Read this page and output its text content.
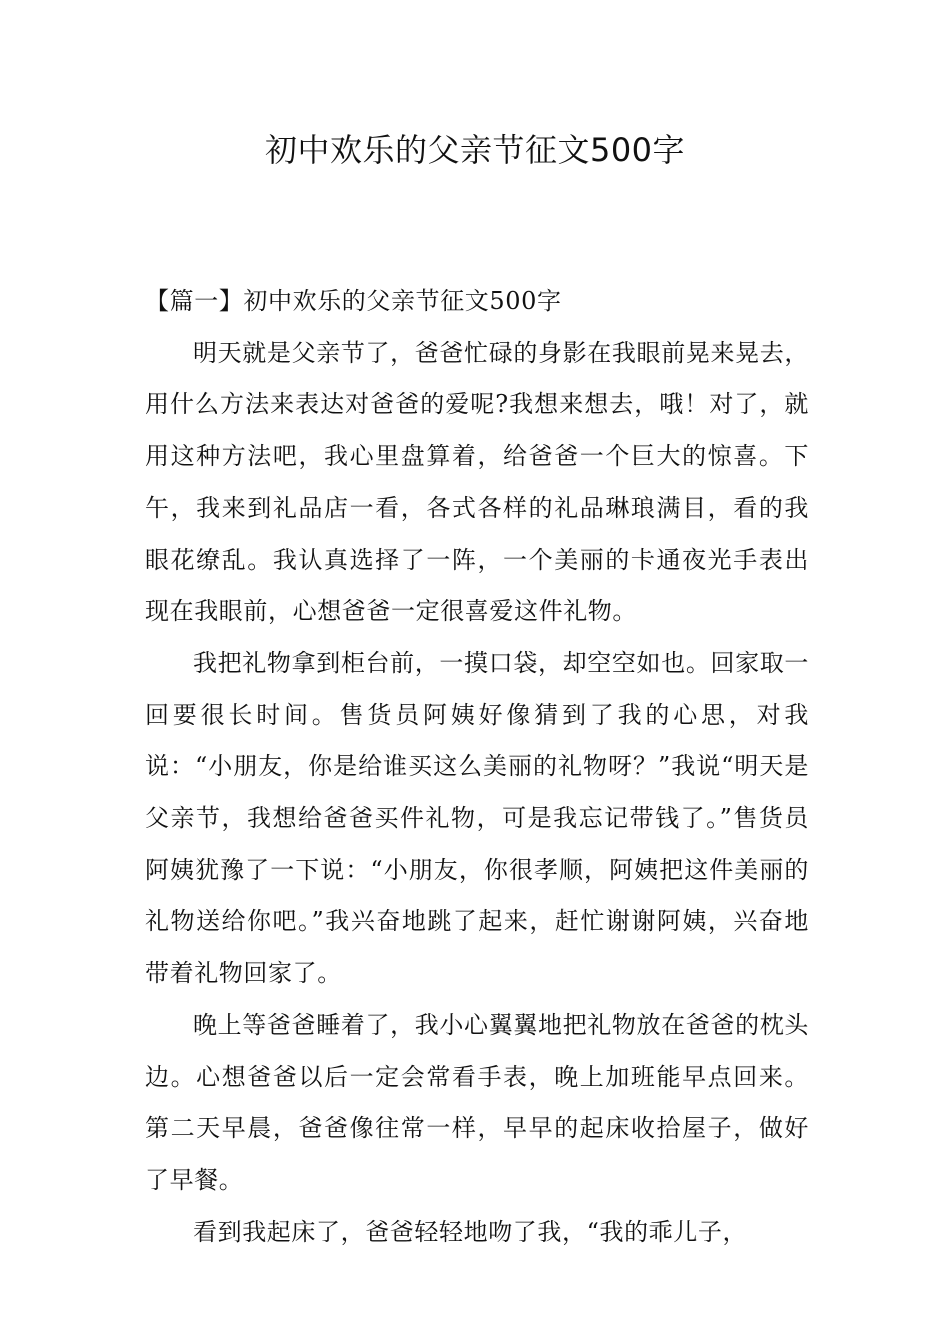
初中欢乐的父亲节征文500字
【篇一】初中欢乐的父亲节征文500字

明天就是父亲节了，爸爸忙碌的身影在我眼前晃来晃去，用什么方法来表达对爸爸的爱呢?我想来想去，哦！对了，就用这种方法吧，我心里盘算着，给爸爸一个巨大的惊喜。下午，我来到礼品店一看，各式各样的礼品琳琅满目，看的我眼花缭乱。我认真选择了一阵，一个美丽的卡通夜光手表出现在我眼前，心想爸爸一定很喜爱这件礼物。

我把礼物拿到柜台前，一摸口袋，却空空如也。回家取一回要很长时间。售货员阿姨好像猜到了我的心思，对我说：“小朋友，你是给谁买这么美丽的礼物呀？”我说“明天是父亲节，我想给爸爸买件礼物，可是我忘记带钱了。”售货员阿姨犹豫了一下说：“小朋友，你很孝顺，阿姨把这件美丽的礼物送给你吧。”我兴奋地跳了起来，赶忙谢谢阿姨，兴奋地带着礼物回家了。

晚上等爸爸睡着了，我小心翼翼地把礼物放在爸爸的枕头边。心想爸爸以后一定会常看手表，晚上加班能早点回来。第二天早晨，爸爸像往常一样，早早的起床收拾屋子，做好了早餐。

看到我起床了，爸爸轻轻地吻了我，“我的乖儿子，
